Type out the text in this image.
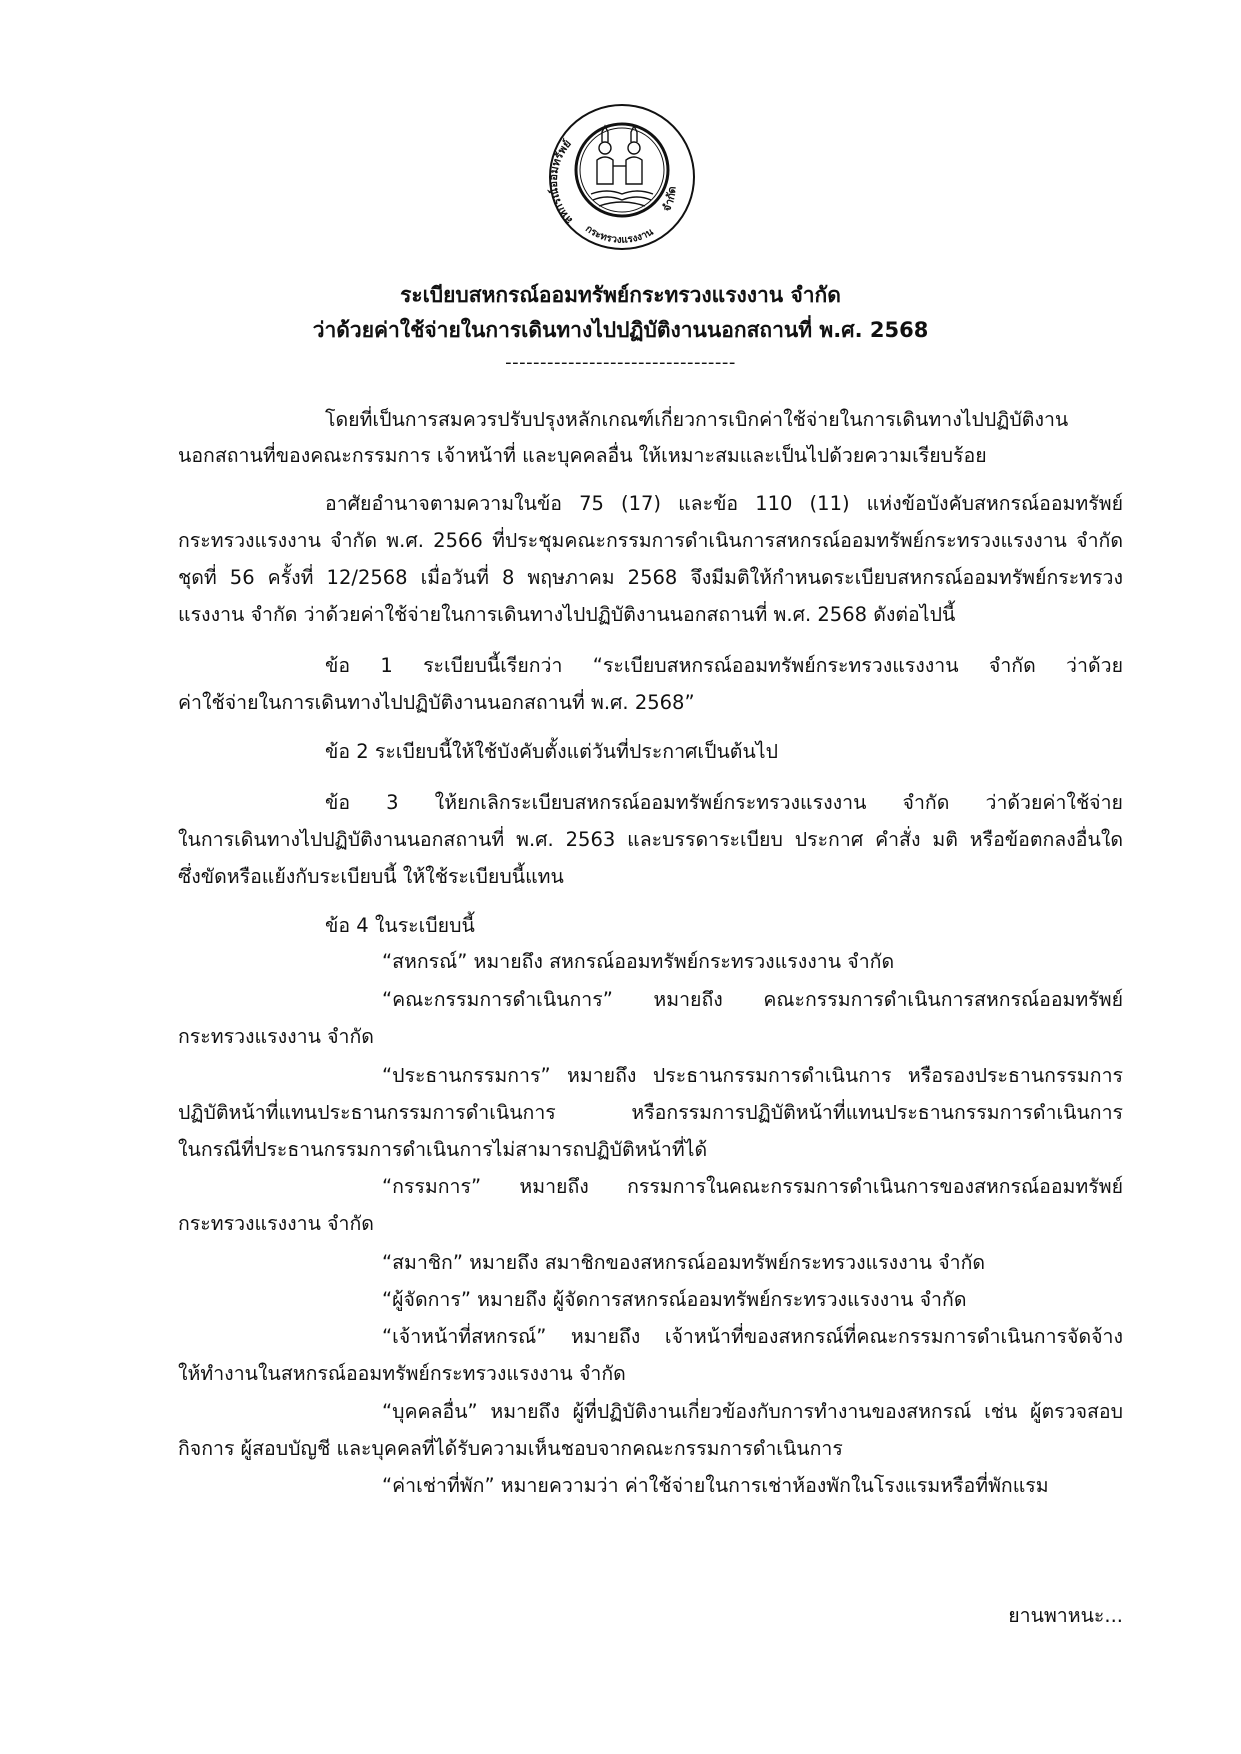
สหกรณ์ออมทรัพย์
กระทรวงแรงงาน
จำกัด
ระเบียบสหกรณ์ออมทรัพย์กระทรวงแรงงาน จำกัด
ว่าด้วยค่าใช้จ่ายในการเดินทางไปปฏิบัติงานนอกสถานที่ พ.ศ. 2568
---------------------------------
โดยที่เป็นการสมควรปรับปรุงหลักเกณฑ์เกี่ยวการเบิกค่าใช้จ่ายในการเดินทางไปปฏิบัติงาน
นอกสถานที่ของคณะกรรมการ เจ้าหน้าที่ และบุคคลอื่น ให้เหมาะสมและเป็นไปด้วยความเรียบร้อย
อาศัยอำนาจตามความในข้อ 75 (17) และข้อ 110 (11) แห่งข้อบังคับสหกรณ์ออมทรัพย์
กระทรวงแรงงาน จำกัด พ.ศ. 2566 ที่ประชุมคณะกรรมการดำเนินการสหกรณ์ออมทรัพย์กระทรวงแรงงาน จำกัด
ชุดที่ 56 ครั้งที่ 12/2568 เมื่อวันที่ 8 พฤษภาคม 2568 จึงมีมติให้กำหนดระเบียบสหกรณ์ออมทรัพย์กระทรวง
แรงงาน จำกัด ว่าด้วยค่าใช้จ่ายในการเดินทางไปปฏิบัติงานนอกสถานที่ พ.ศ. 2568 ดังต่อไปนี้
ข้อ 1 ระเบียบนี้เรียกว่า “ระเบียบสหกรณ์ออมทรัพย์กระทรวงแรงงาน จำกัด ว่าด้วย
ค่าใช้จ่ายในการเดินทางไปปฏิบัติงานนอกสถานที่ พ.ศ. 2568”
ข้อ 2 ระเบียบนี้ให้ใช้บังคับตั้งแต่วันที่ประกาศเป็นต้นไป
ข้อ 3 ให้ยกเลิกระเบียบสหกรณ์ออมทรัพย์กระทรวงแรงงาน จำกัด ว่าด้วยค่าใช้จ่าย
ในการเดินทางไปปฏิบัติงานนอกสถานที่ พ.ศ. 2563 และบรรดาระเบียบ ประกาศ คำสั่ง มติ หรือข้อตกลงอื่นใด
ซึ่งขัดหรือแย้งกับระเบียบนี้ ให้ใช้ระเบียบนี้แทน
ข้อ 4 ในระเบียบนี้
“สหกรณ์” หมายถึง สหกรณ์ออมทรัพย์กระทรวงแรงงาน จำกัด
“คณะกรรมการดำเนินการ” หมายถึง คณะกรรมการดำเนินการสหกรณ์ออมทรัพย์
กระทรวงแรงงาน จำกัด
“ประธานกรรมการ” หมายถึง ประธานกรรมการดำเนินการ หรือรองประธานกรรมการ
ปฏิบัติหน้าที่แทนประธานกรรมการดำเนินการ หรือกรรมการปฏิบัติหน้าที่แทนประธานกรรมการดำเนินการ
ในกรณีที่ประธานกรรมการดำเนินการไม่สามารถปฏิบัติหน้าที่ได้
“กรรมการ” หมายถึง กรรมการในคณะกรรมการดำเนินการของสหกรณ์ออมทรัพย์
กระทรวงแรงงาน จำกัด
“สมาชิก” หมายถึง สมาชิกของสหกรณ์ออมทรัพย์กระทรวงแรงงาน จำกัด
“ผู้จัดการ” หมายถึง ผู้จัดการสหกรณ์ออมทรัพย์กระทรวงแรงงาน จำกัด
“เจ้าหน้าที่สหกรณ์” หมายถึง เจ้าหน้าที่ของสหกรณ์ที่คณะกรรมการดำเนินการจัดจ้าง
ให้ทำงานในสหกรณ์ออมทรัพย์กระทรวงแรงงาน จำกัด
“บุคคลอื่น” หมายถึง ผู้ที่ปฏิบัติงานเกี่ยวข้องกับการทำงานของสหกรณ์ เช่น ผู้ตรวจสอบ
กิจการ ผู้สอบบัญชี และบุคคลที่ได้รับความเห็นชอบจากคณะกรรมการดำเนินการ
“ค่าเช่าที่พัก” หมายความว่า ค่าใช้จ่ายในการเช่าห้องพักในโรงแรมหรือที่พักแรม
ยานพาหนะ...
